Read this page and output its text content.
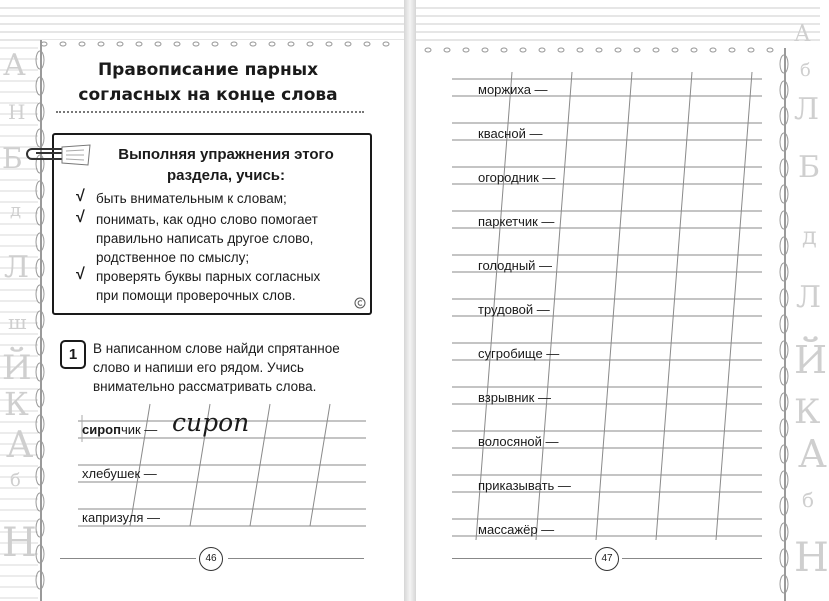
А
Н
Б
д
Л
ш
Й
К
А
б
Н
Правописание парных
согласных на конце слова
Выполняя упражнения этого
раздела, учись:
√ быть внимательным к словам;
√ понимать, как одно слово помогает
правильно написать другое слово,
родственное по смыслу;
√ проверять буквы парных согласных
при помощи проверочных слов.
1	В написанном слове найди спрятанное
слово и напиши его рядом. Учись
внимательно рассматривать слова.
сиропчик — сироп
хлебушек —
капризуля —
46
А
б
Л
Б
д
Л
Й
К
А
б
Н
47
моржиха —
квасной —
огородник —
паркетчик —
голодный —
трудовой —
сугробище —
взрывник —
волосяной —
приказывать —
массажёр —
